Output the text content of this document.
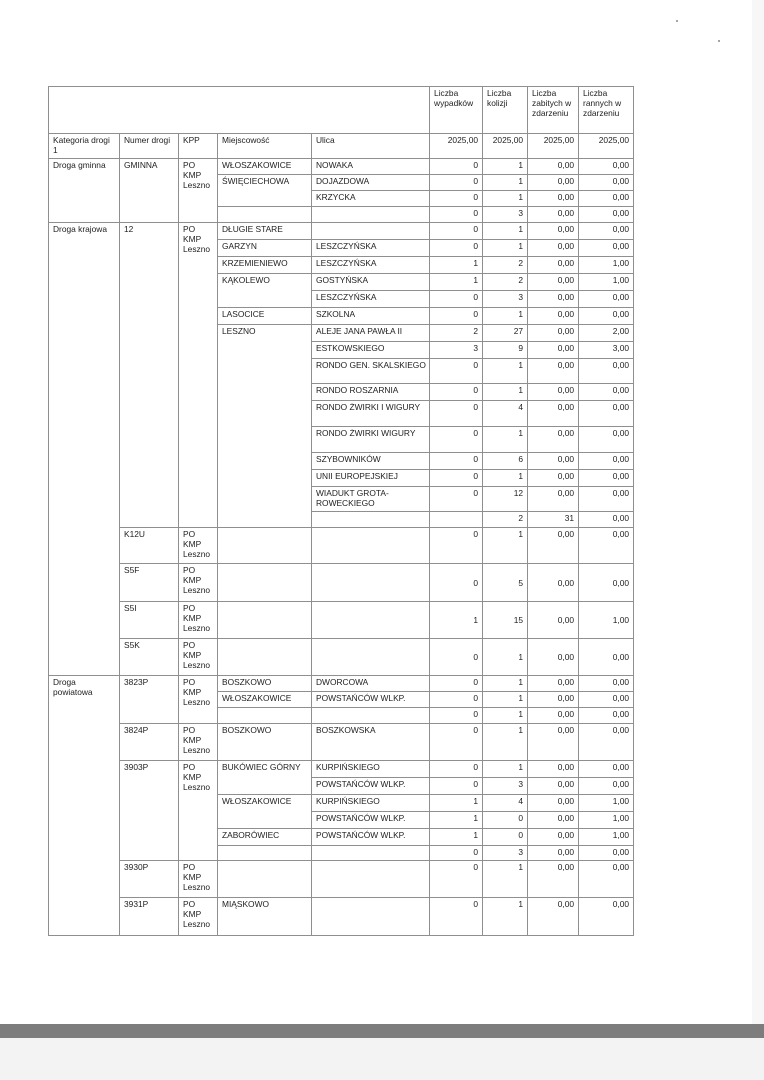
					Liczba wypadków	Liczba kolizji	Liczba zabitych w zdarzeniu	Liczba rannych w zdarzeniu	
Kategoria drogi 1	Numer drogi	KPP	Miejscowość	Ulica	2025,00	2025,00	2025,00	2025,00	
Droga gminna	GMINNA	PO KMP Leszno	WŁOSZAKOWICE	NOWAKA	0	1	0,00	0,00	
			ŚWIĘCIECHOWA	DOJAZDOWA	0	1	0,00	0,00	
				KRZYCKA	0	1	0,00	0,00	
					0	3	0,00	0,00	
Droga krajowa	12	PO KMP Leszno	DŁUGIE STARE		0	1	0,00	0,00	
			GARZYN	LESZCZYŃSKA	0	1	0,00	0,00	
			KRZEMIENIEWO	LESZCZYŃSKA	1	2	0,00	1,00	
			KĄKOLEWO	GOSTYŃSKA	1	2	0,00	1,00	
				LESZCZYŃSKA	0	3	0,00	0,00	
			LASOCICE	SZKOLNA	0	1	0,00	0,00	
			LESZNO	ALEJE JANA PAWŁA II	2	27	0,00	2,00	
				ESTKOWSKIEGO	3	9	0,00	3,00	
				RONDO GEN. SKALSKIEGO	0	1	0,00	0,00	
				RONDO ROSZARNIA	0	1	0,00	0,00	
				RONDO ŻWIRKI I WIGURY	0	4	0,00	0,00	
				RONDO ŻWIRKI WIGURY	0	1	0,00	0,00	
				SZYBOWNIKÓW	0	6	0,00	0,00	
				UNII EUROPEJSKIEJ	0	1	0,00	0,00	
				WIADUKT GROTA-ROWECKIEGO	0	12	0,00	0,00	
						2	31	0,00	
	K12U	PO KMP Leszno			0	1	0,00	0,00	
	S5F	PO KMP Leszno			0	5	0,00	0,00	
	S5I	PO KMP Leszno			1	15	0,00	1,00	
	S5K	PO KMP Leszno			0	1	0,00	0,00	
Droga powiatowa	3823P	PO KMP Leszno	BOSZKOWO	DWORCOWA	0	1	0,00	0,00	
			WŁOSZAKOWICE	POWSTAŃCÓW WLKP.	0	1	0,00	0,00	
					0	1	0,00	0,00	
	3824P	PO KMP Leszno	BOSZKOWO	BOSZKOWSKA	0	1	0,00	0,00	
	3903P	PO KMP Leszno	BUKÓWIEC GÓRNY	KURPIŃSKIEGO	0	1	0,00	0,00	
				POWSTAŃCÓW WLKP.	0	3	0,00	0,00	
			WŁOSZAKOWICE	KURPIŃSKIEGO	1	4	0,00	1,00	
				POWSTAŃCÓW WLKP.	1	0	0,00	1,00	
			ZABORÓWIEC	POWSTAŃCÓW WLKP.	1	0	0,00	1,00	
					0	3	0,00	0,00	
	3930P	PO KMP Leszno			0	1	0,00	0,00	
	3931P	PO KMP Leszno	MIĄSKOWO		0	1	0,00	0,00	
